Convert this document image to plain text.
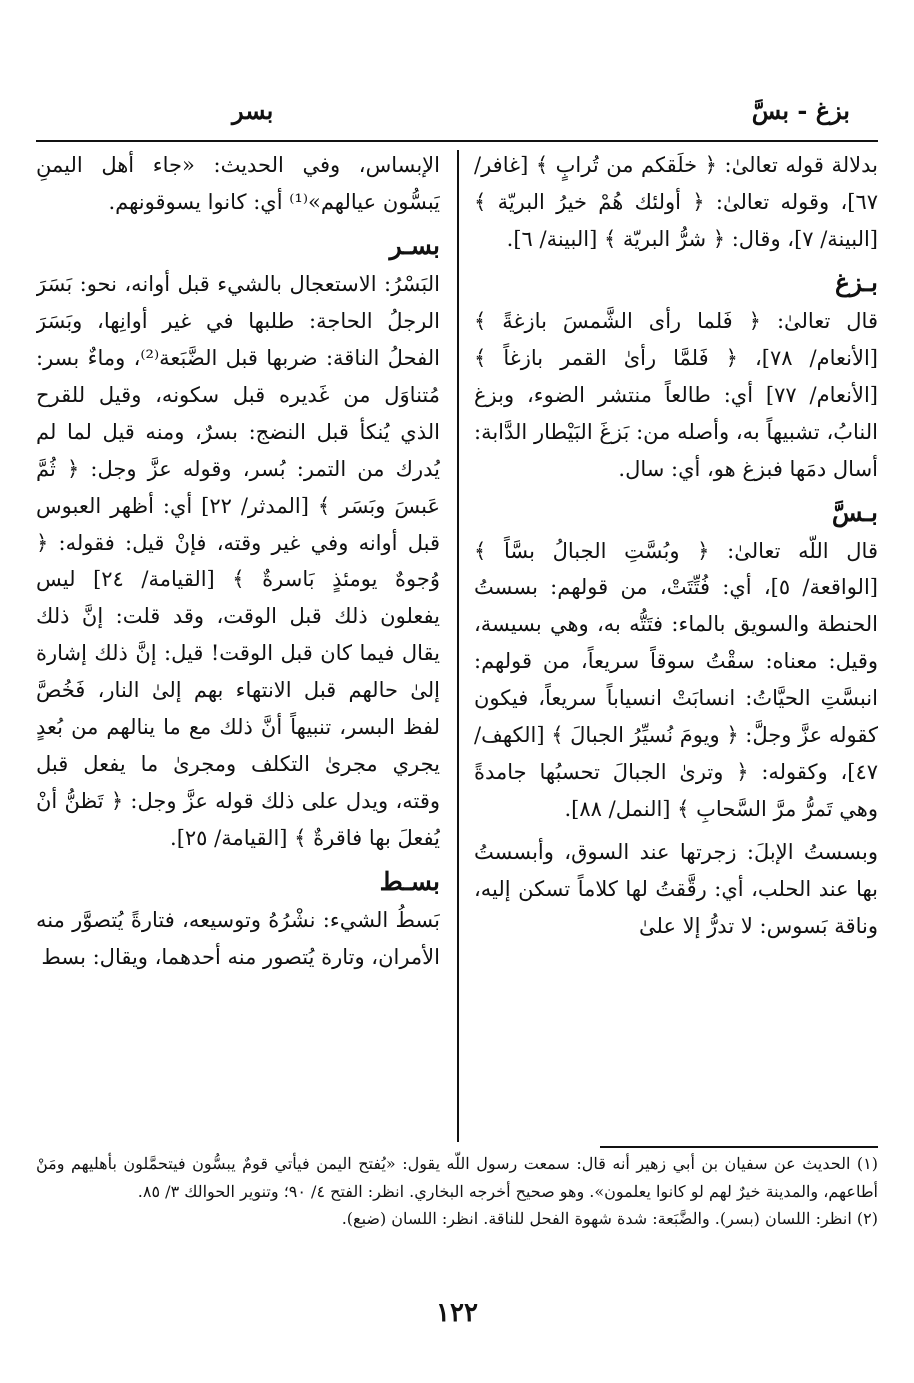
بزغ - بسَّ
بسر

بدلالة قوله تعالىٰ: ﴿ خلَقكم من تُرابٍ ﴾ [غافر/ ٦٧]، وقوله تعالىٰ: ﴿ أولئك هُمْ خيرُ البريّة ﴾ [البينة/ ٧]، وقال: ﴿ شرُّ البريّة ﴾ [البينة/ ٦].

بـزغ

قال تعالىٰ: ﴿ فَلما رأى الشَّمسَ بازغةً ﴾ [الأنعام/ ٧٨]، ﴿ فَلمَّا رأىٰ القمر بازغاً ﴾ [الأنعام/ ٧٧] أي: طالعاً منتشر الضوء، وبزغ النابُ، تشبيهاً به، وأصله من: بَزغَ البَيْطار الدَّابة: أسال دمَها فبزغ هو، أي: سال.

بـسَّ

قال اللّه تعالىٰ: ﴿ وبُسَّتِ الجبالُ بسَّاً ﴾ [الواقعة/ ٥]، أي: فُتِّتَتْ، من قولهم: بسستُ الحنطة والسويق بالماء: فتَتُّه به، وهي بسيسة، وقيل: معناه: سقْتُ سوقاً سريعاً، من قولهم: انبسَّتِ الحيَّاتُ: انسابَتْ انسياباً سريعاً، فيكون كقوله عزَّ وجلَّ: ﴿ ويومَ نُسيِّرُ الجبالَ ﴾ [الكهف/ ٤٧]، وكقوله: ﴿ وترىٰ الجبالَ تحسبُها جامدةً وهي تَمرُّ مرَّ السَّحابِ ﴾ [النمل/ ٨٨].

وبسستُ الإبلَ: زجرتها عند السوق، وأبسستُ بها عند الحلب، أي: رقَّقتُ لها كلاماً تسكن إليه، وناقة بَسوس: لا تدرُّ إلا علىٰ

الإبساس، وفي الحديث: «جاء أهل اليمنِ يَبسُّون عيالهم»⁽¹⁾ أي: كانوا يسوقونهم.

بسـر

البَسْرُ: الاستعجال بالشيء قبل أوانه، نحو: بَسَرَ الرجلُ الحاجة: طلبها في غير أوانِها، وبَسَرَ الفحلُ الناقة: ضربها قبل الضَّبَعة⁽²⁾، وماءٌ بسر: مُتناوَل من غَديره قبل سكونه، وقيل للقرح الذي يُنكأ قبل النضج: بسرٌ، ومنه قيل لما لم يُدرك من التمر: بُسر، وقوله عزَّ وجل: ﴿ ثُمَّ عَبسَ وبَسَر ﴾ [المدثر/ ٢٢] أي: أظهر العبوس قبل أوانه وفي غير وقته، فإنْ قيل: فقوله: ﴿ وُجوهٌ يومئذٍ بَاسرةٌ ﴾ [القيامة/ ٢٤] ليس يفعلون ذلك قبل الوقت، وقد قلت: إنَّ ذلك يقال فيما كان قبل الوقت! قيل: إنَّ ذلك إشارة إلىٰ حالهم قبل الانتهاء بهم إلىٰ النار، فَخُصَّ لفظ البسر، تنبيهاً أنَّ ذلك مع ما ينالهم من بُعدٍ يجري مجرىٰ التكلف ومجرىٰ ما يفعل قبل وقته، ويدل على ذلك قوله عزَّ وجل: ﴿ تَظنُّ أنْ يُفعلَ بها فاقرةٌ ﴾ [القيامة/ ٢٥].

بسـط

بَسطُ الشيء: نشْرُهُ وتوسيعه، فتارةً يُتصوَّر منه الأمران، وتارة يُتصور منه أحدهما، ويقال: بسط

(١) الحديث عن سفيان بن أبي زهير أنه قال: سمعت رسول اللّه يقول: «يُفتح اليمن فيأتي قومٌ يبسُّون فيتحمَّلون بأهليهم ومَنْ أطاعهم، والمدينة خيرٌ لهم لو كانوا يعلمون». وهو صحيح أخرجه البخاري. انظر: الفتح ٤/ ٩٠؛ وتنوير الحوالك ٣/ ٨٥.

(٢) انظر: اللسان (بسر). والضَّبَعة: شدة شهوة الفحل للناقة. انظر: اللسان (ضبع).

١٢٢
